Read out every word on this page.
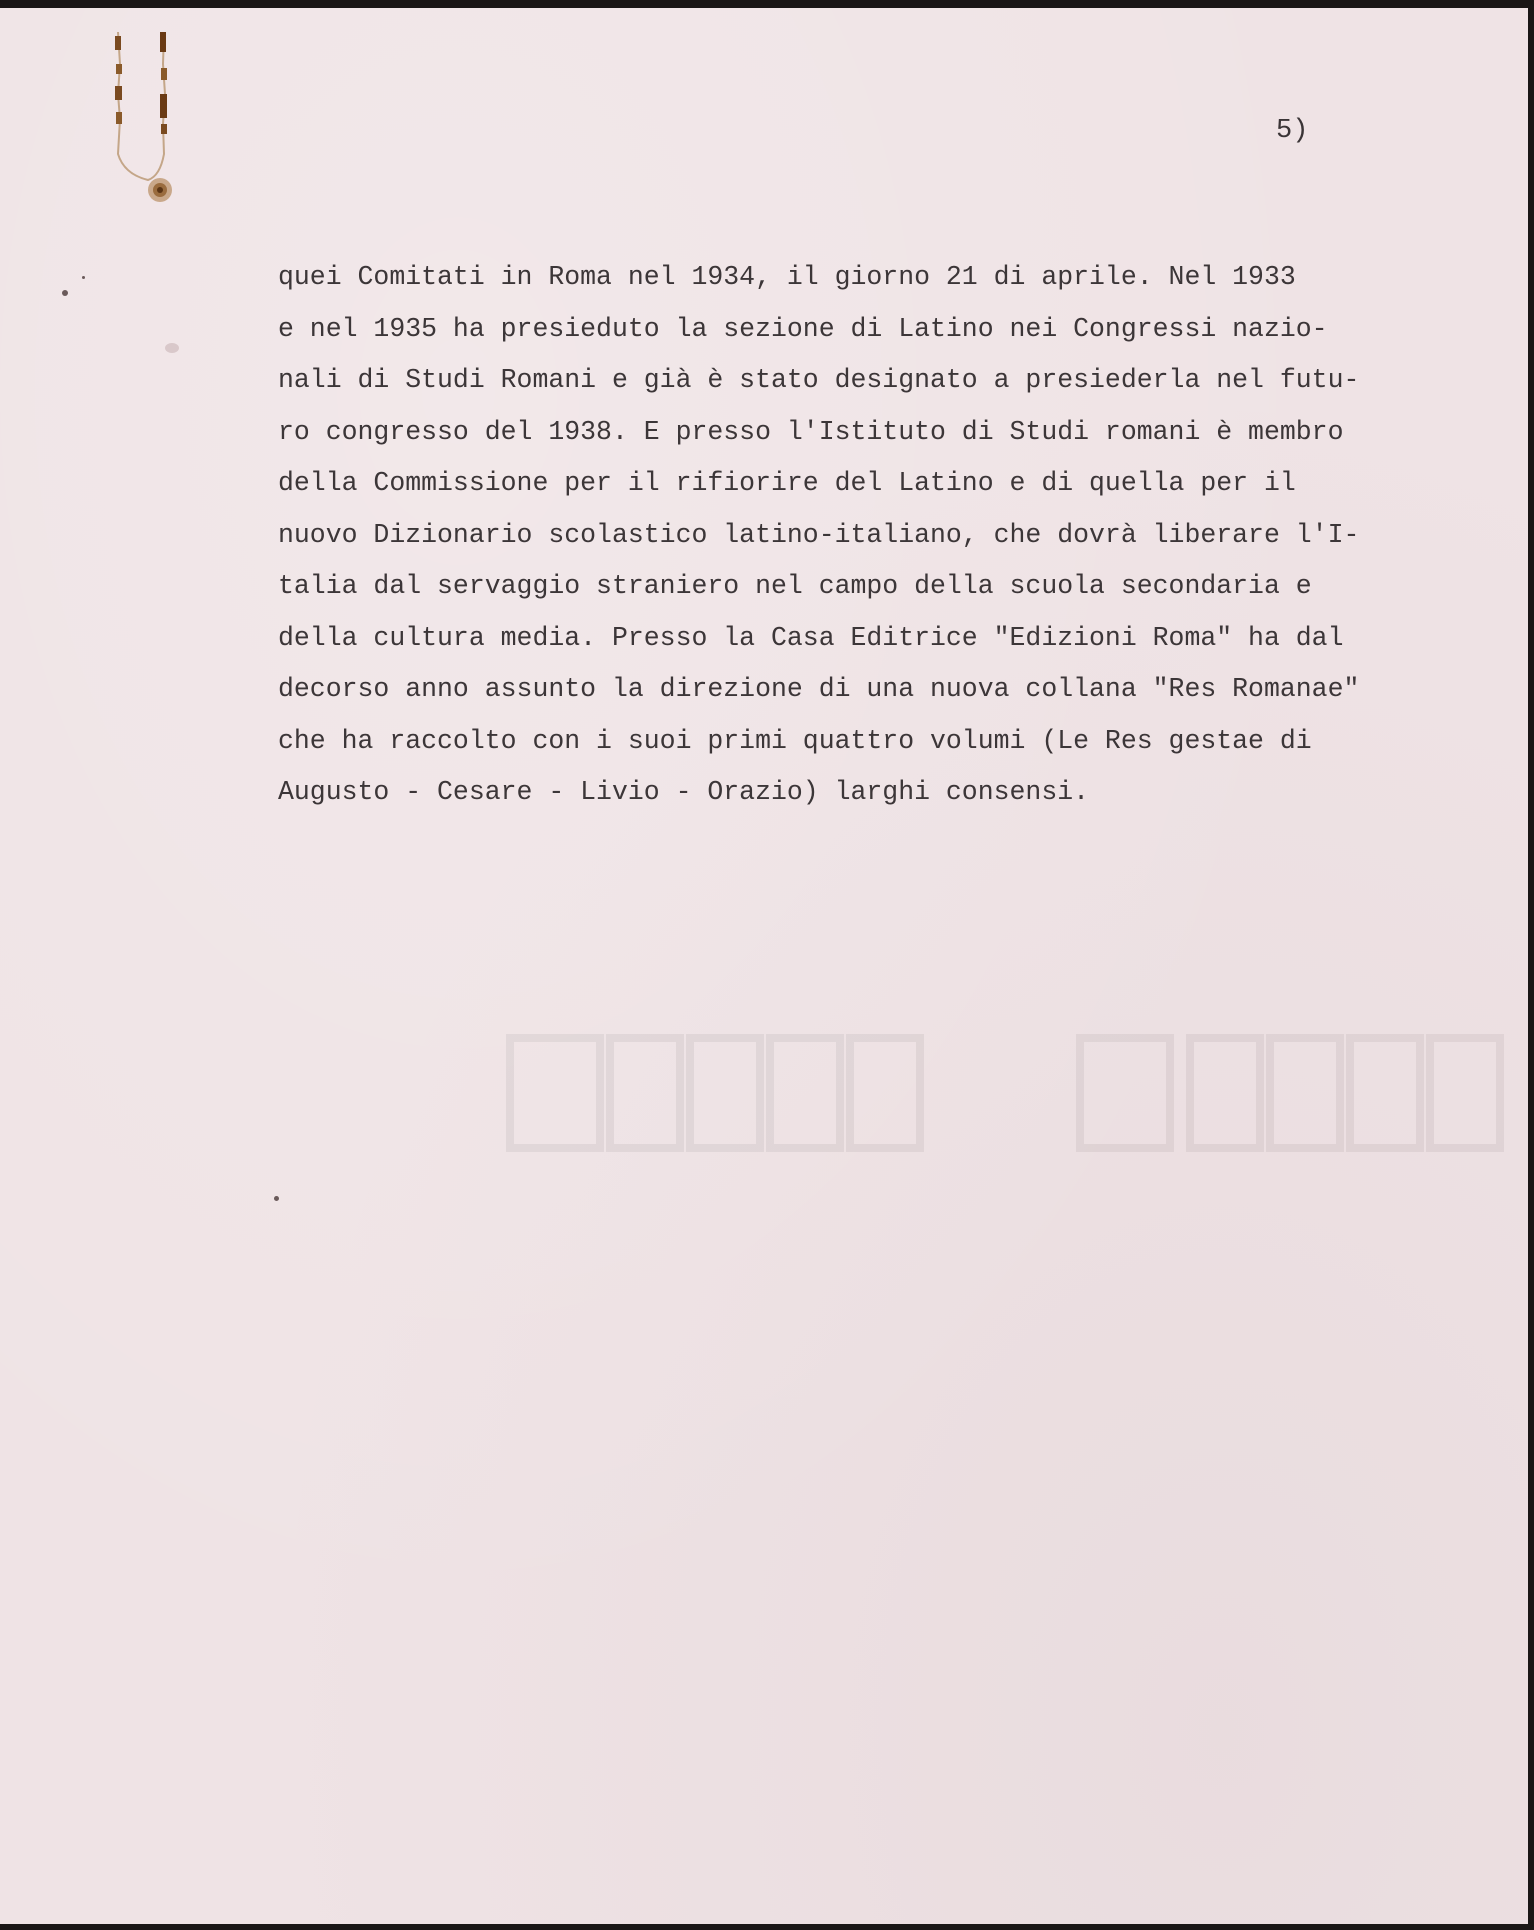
5)

quei Comitati in Roma nel 1934, il giorno 21 di aprile. Nel 1933
e nel 1935 ha presieduto la sezione di Latino nei Congressi nazio-
nali di Studi Romani e già è stato designato a presiederla nel futu-
ro congresso del 1938. E presso l'Istituto di Studi romani è membro
della Commissione per il rifiorire del Latino e di quella per il
nuovo Dizionario scolastico latino-italiano, che dovrà liberare l'I-
talia dal servaggio straniero nel campo della scuola secondaria e
della cultura media. Presso la Casa Editrice "Edizioni Roma" ha dal
decorso anno assunto la direzione di una nuova collana "Res Romanae"
che ha raccolto con i suoi primi quattro volumi (Le Res gestae di
Augusto - Cesare - Livio - Orazio) larghi consensi.
